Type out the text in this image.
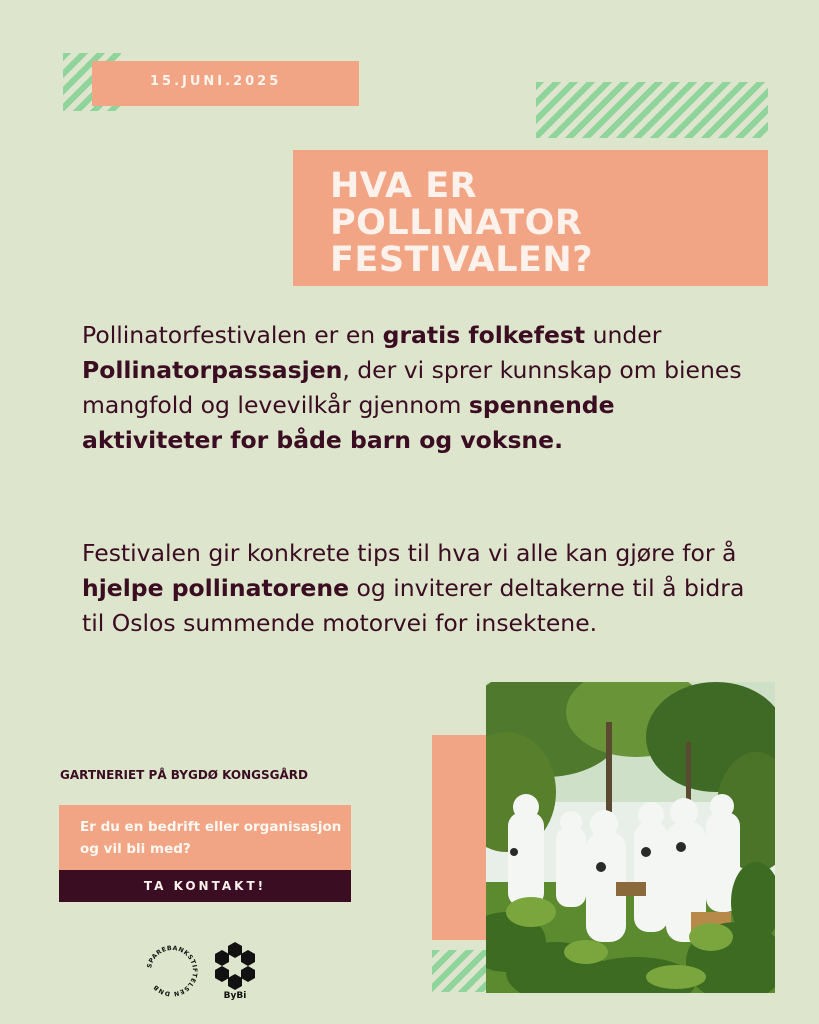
15.JUNI.2025
HVA ER
POLLINATOR
FESTIVALEN?

Pollinatorfestivalen er en gratis folkefest under Pollinatorpassasjen, der vi sprer kunnskap om bienes mangfold og levevilkår gjennom spennende aktiviteter for både barn og voksne.

Festivalen gir konkrete tips til hva vi alle kan gjøre for å hjelpe pollinatorene og inviterer deltakerne til å bidra til Oslos summende motorvei for insektene.

GARTNERIET PÅ BYGDØ KONGSGÅRD

Er du en bedrift eller organisasjon og vil bli med?

TA KONTAKT!
SPAREBANKSTIFTELSEN DNB
ByBi
